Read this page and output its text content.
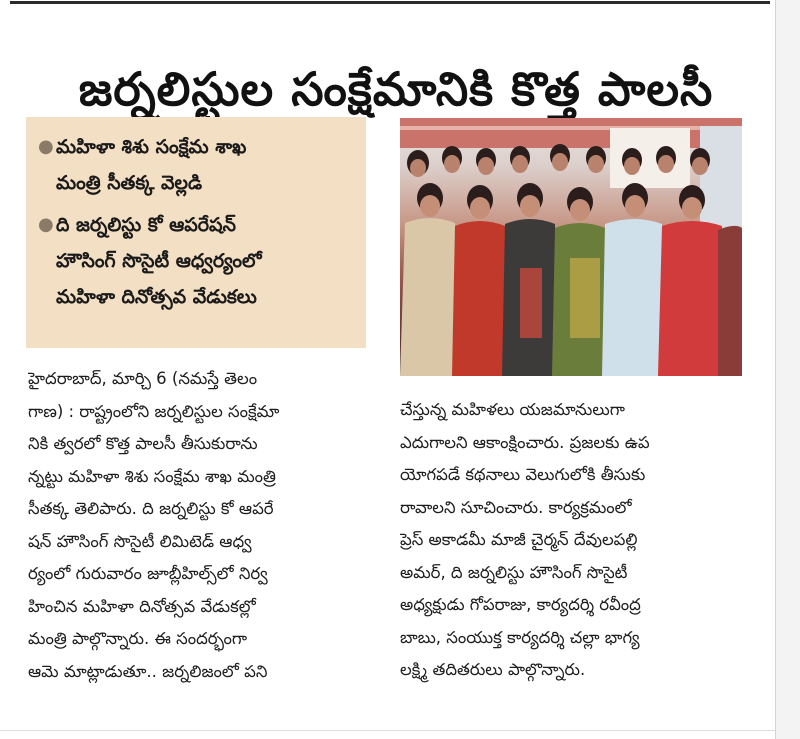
జర్నలిస్టుల సంక్షేమానికి కొత్త పాలసీ
● మహిళా శిశు సంక్షేమ శాఖ
మంత్రి సీతక్క వెల్లడి
● ది జర్నలిస్టు కో ఆపరేషన్
హౌసింగ్ సొసైటీ ఆధ్వర్యంలో
మహిళా దినోత్సవ వేడుకలు
హైదరాబాద్, మార్చి 6 (నమస్తే తెలం
గాణ) : రాష్ట్రంలోని జర్నలిస్టుల సంక్షేమా
నికి త్వరలో కొత్త పాలసీ తీసుకురాను
న్నట్టు మహిళా శిశు సంక్షేమ శాఖ మంత్రి
సీతక్క తెలిపారు. ది జర్నలిస్టు కో ఆపరే
షన్ హౌసింగ్ సొసైటీ లిమిటెడ్ ఆధ్వ
ర్యంలో గురువారం జూబ్లీహిల్స్‌లో నిర్వ
హించిన మహిళా దినోత్సవ వేడుకల్లో
మంత్రి పాల్గొన్నారు. ఈ సందర్భంగా
ఆమె మాట్లాడుతూ.. జర్నలిజంలో పని
చేస్తున్న మహిళలు యజమానులుగా
ఎదుగాలని ఆకాంక్షించారు. ప్రజలకు ఉప
యోగపడే కథనాలు వెలుగులోకి తీసుకు
రావాలని సూచించారు. కార్యక్రమంలో
ప్రెస్ అకాడమీ మాజీ చైర్మన్ దేవులపల్లి
అమర్, ది జర్నలిస్టు హౌసింగ్ సొసైటీ
అధ్యక్షుడు గోపరాజు, కార్యదర్శి రవీంద్ర
బాబు, సంయుక్త కార్యదర్శి చల్లా భాగ్య
లక్ష్మి తదితరులు పాల్గొన్నారు.
